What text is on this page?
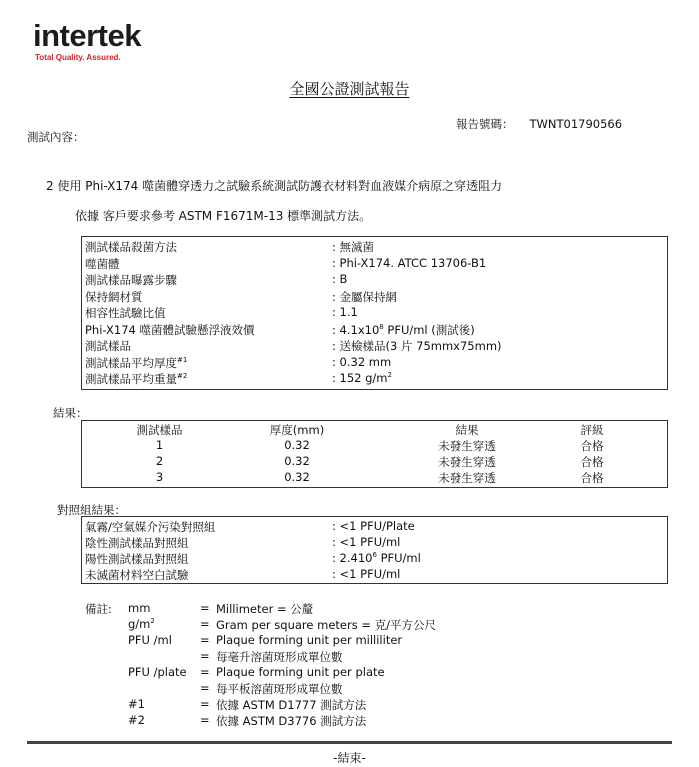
intertek
Total Quality. Assured.
全國公證測試報告
報告號碼： TWNT01790566
測試內容：
2 使用 Phi-X174 噬菌體穿透力之試驗系統測試防護衣材料對血液媒介病原之穿透阻力
依據 客戶要求參考 ASTM F1671M-13 標準測試方法。
測試樣品殺菌方法	: 無滅菌
噬菌體	: Phi-X174. ATCC 13706-B1
測試樣品曝露步驟	: B
保持網材質	: 金屬保持網
相容性試驗比值	: 1.1
Phi-X174 噬菌體試驗懸浮液效價	: $4.1x10^8$ PFU/ml (測試後)
測試樣品	: 送檢樣品(3 片 75mmx75mm)
測試樣品平均厚度$^{\#1}$	: 0.32 mm
測試樣品平均重量$^{\#2}$	: 152 $g/m^2$
結果：
測試樣品	厚度(mm)	結果	評級
1	0.32	未發生穿透	合格
2	0.32	未發生穿透	合格
3	0.32	未發生穿透	合格
對照組結果：
氣霧/空氣媒介污染對照組	: <1 PFU/Plate
陰性測試樣品對照組	: <1 PFU/ml
陽性測試樣品對照組	: 2.410$^6$ PFU/ml
未滅菌材料空白試驗	: <1 PFU/ml
備註: mm	= Millimeter = 公釐
$g/m^2$	= Gram per square meters = 克/平方公尺
PFU /ml = Plaque forming unit per milliliter
= 每毫升溶菌斑形成單位數
PFU /plate = Plaque forming unit per plate
= 每平板溶菌斑形成單位數
#1	= 依據 ASTM D1777 測試方法
#2	= 依據 ASTM D3776 測試方法
-結束-
